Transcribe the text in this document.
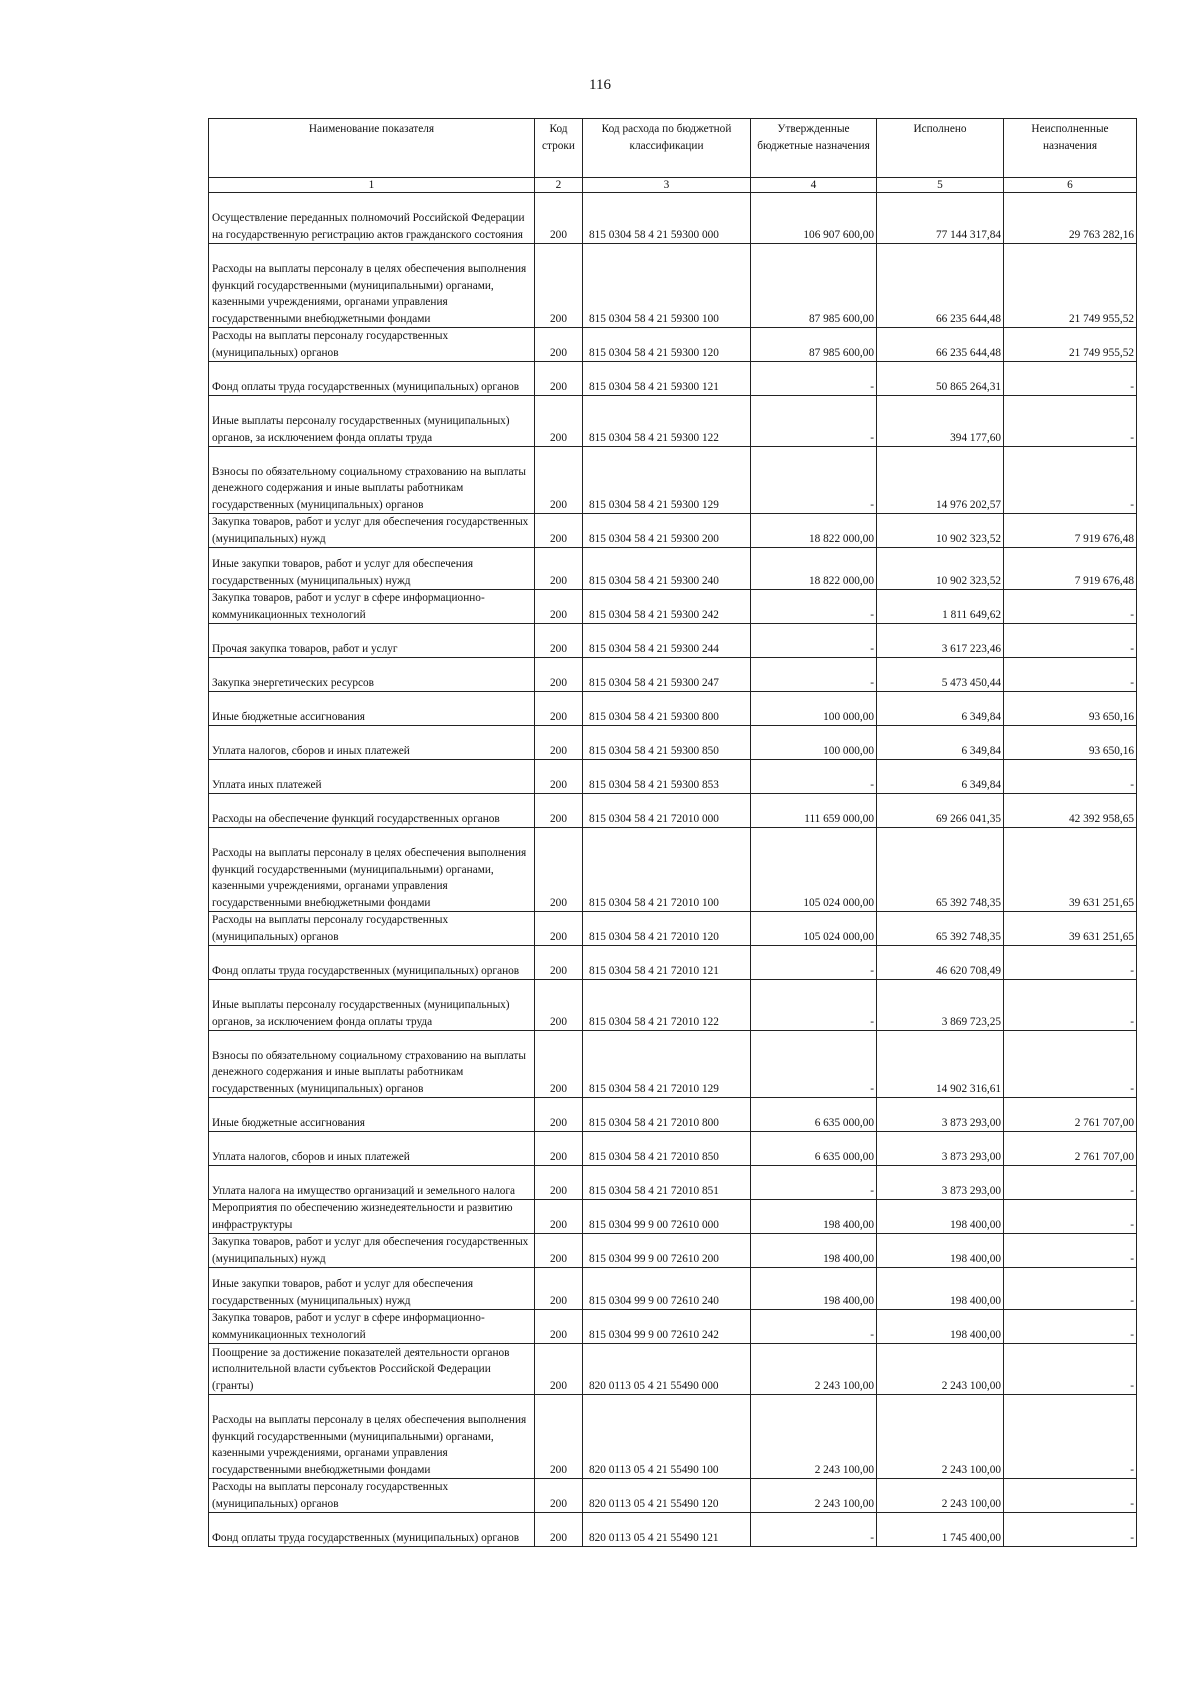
116
Наименование показателя	Код строки	Код расхода по бюджетной классификации	Утвержденные бюджетные назначения	Исполнено	Неисполненные назначения
1	2	3	4	5	6
Осуществление переданных полномочий Российской Федерации на государственную регистрацию актов гражданского состояния	200	815 0304 58 4 21 59300 000	106 907 600,00	77 144 317,84	29 763 282,16
Расходы на выплаты персоналу в целях обеспечения выполнения функций государственными (муниципальными) органами, казенными учреждениями, органами управления государственными внебюджетными фондами	200	815 0304 58 4 21 59300 100	87 985 600,00	66 235 644,48	21 749 955,52
Расходы на выплаты персоналу государственных (муниципальных) органов	200	815 0304 58 4 21 59300 120	87 985 600,00	66 235 644,48	21 749 955,52
Фонд оплаты труда государственных (муниципальных) органов	200	815 0304 58 4 21 59300 121	-	50 865 264,31	-
Иные выплаты персоналу государственных (муниципальных) органов, за исключением фонда оплаты труда	200	815 0304 58 4 21 59300 122	-	394 177,60	-
Взносы по обязательному социальному страхованию на выплаты денежного содержания и иные выплаты работникам государственных (муниципальных) органов	200	815 0304 58 4 21 59300 129	-	14 976 202,57	-
Закупка товаров, работ и услуг для обеспечения государственных (муниципальных) нужд	200	815 0304 58 4 21 59300 200	18 822 000,00	10 902 323,52	7 919 676,48
Иные закупки товаров, работ и услуг для обеспечения государственных (муниципальных) нужд	200	815 0304 58 4 21 59300 240	18 822 000,00	10 902 323,52	7 919 676,48
Закупка товаров, работ и услуг в сфере информационно-коммуникационных технологий	200	815 0304 58 4 21 59300 242	-	1 811 649,62	-
Прочая закупка товаров, работ и услуг	200	815 0304 58 4 21 59300 244	-	3 617 223,46	-
Закупка энергетических ресурсов	200	815 0304 58 4 21 59300 247	-	5 473 450,44	-
Иные бюджетные ассигнования	200	815 0304 58 4 21 59300 800	100 000,00	6 349,84	93 650,16
Уплата налогов, сборов и иных платежей	200	815 0304 58 4 21 59300 850	100 000,00	6 349,84	93 650,16
Уплата иных платежей	200	815 0304 58 4 21 59300 853	-	6 349,84	-
Расходы на обеспечение функций государственных органов	200	815 0304 58 4 21 72010 000	111 659 000,00	69 266 041,35	42 392 958,65
Расходы на выплаты персоналу в целях обеспечения выполнения функций государственными (муниципальными) органами, казенными учреждениями, органами управления государственными внебюджетными фондами	200	815 0304 58 4 21 72010 100	105 024 000,00	65 392 748,35	39 631 251,65
Расходы на выплаты персоналу государственных (муниципальных) органов	200	815 0304 58 4 21 72010 120	105 024 000,00	65 392 748,35	39 631 251,65
Фонд оплаты труда государственных (муниципальных) органов	200	815 0304 58 4 21 72010 121	-	46 620 708,49	-
Иные выплаты персоналу государственных (муниципальных) органов, за исключением фонда оплаты труда	200	815 0304 58 4 21 72010 122	-	3 869 723,25	-
Взносы по обязательному социальному страхованию на выплаты денежного содержания и иные выплаты работникам государственных (муниципальных) органов	200	815 0304 58 4 21 72010 129	-	14 902 316,61	-
Иные бюджетные ассигнования	200	815 0304 58 4 21 72010 800	6 635 000,00	3 873 293,00	2 761 707,00
Уплата налогов, сборов и иных платежей	200	815 0304 58 4 21 72010 850	6 635 000,00	3 873 293,00	2 761 707,00
Уплата налога на имущество организаций и земельного налога	200	815 0304 58 4 21 72010 851	-	3 873 293,00	-
Мероприятия по обеспечению жизнедеятельности и развитию инфраструктуры	200	815 0304 99 9 00 72610 000	198 400,00	198 400,00	-
Закупка товаров, работ и услуг для обеспечения государственных (муниципальных) нужд	200	815 0304 99 9 00 72610 200	198 400,00	198 400,00	-
Иные закупки товаров, работ и услуг для обеспечения государственных (муниципальных) нужд	200	815 0304 99 9 00 72610 240	198 400,00	198 400,00	-
Закупка товаров, работ и услуг в сфере информационно-коммуникационных технологий	200	815 0304 99 9 00 72610 242	-	198 400,00	-
Поощрение за достижение показателей деятельности органов исполнительной власти субъектов Российской Федерации (гранты)	200	820 0113 05 4 21 55490 000	2 243 100,00	2 243 100,00	-
Расходы на выплаты персоналу в целях обеспечения выполнения функций государственными (муниципальными) органами, казенными учреждениями, органами управления государственными внебюджетными фондами	200	820 0113 05 4 21 55490 100	2 243 100,00	2 243 100,00	-
Расходы на выплаты персоналу государственных (муниципальных) органов	200	820 0113 05 4 21 55490 120	2 243 100,00	2 243 100,00	-
Фонд оплаты труда государственных (муниципальных) органов	200	820 0113 05 4 21 55490 121	-	1 745 400,00	-
